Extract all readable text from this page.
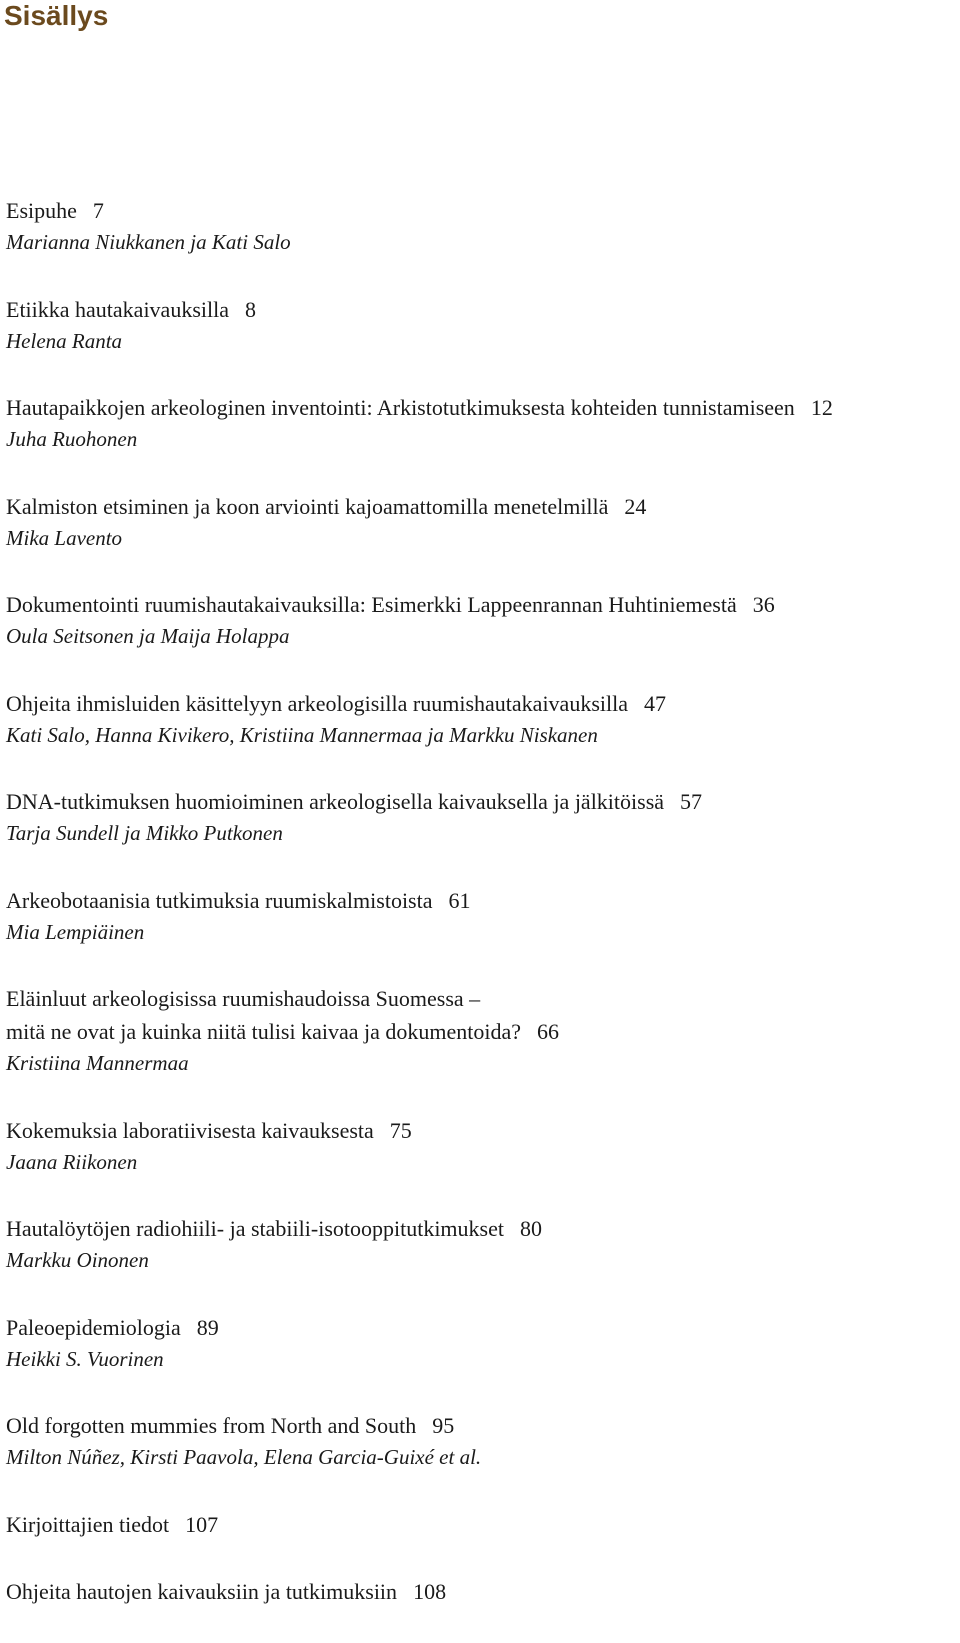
Sisällys
Esipuhe 7
Marianna Niukkanen ja Kati Salo
Etiikka hautakaivauksilla 8
Helena Ranta
Hautapaikkojen arkeologinen inventointi: Arkistotutkimuksesta kohteiden tunnistamiseen 12
Juha Ruohonen
Kalmiston etsiminen ja koon arviointi kajoamattomilla menetelmillä 24
Mika Lavento
Dokumentointi ruumishautakaivauksilla: Esimerkki Lappeenrannan Huhtiniemestä 36
Oula Seitsonen ja Maija Holappa
Ohjeita ihmisluiden käsittelyyn arkeologisilla ruumishautakaivauksilla 47
Kati Salo, Hanna Kivikero, Kristiina Mannermaa ja Markku Niskanen
DNA-tutkimuksen huomioiminen arkeologisella kaivauksella ja jälkitöissä 57
Tarja Sundell ja Mikko Putkonen
Arkeobotaanisia tutkimuksia ruumiskalmistoista 61
Mia Lempiäinen
Eläinluut arkeologisissa ruumishaudoissa Suomessa –
mitä ne ovat ja kuinka niitä tulisi kaivaa ja dokumentoida? 66
Kristiina Mannermaa
Kokemuksia laboratiivisesta kaivauksesta 75
Jaana Riikonen
Hautalöytöjen radiohiili- ja stabiili-isotooppitutkimukset 80
Markku Oinonen
Paleoepidemiologia 89
Heikki S. Vuorinen
Old forgotten mummies from North and South 95
Milton Núñez, Kirsti Paavola, Elena Garcia-Guixé et al.
Kirjoittajien tiedot 107
Ohjeita hautojen kaivauksiin ja tutkimuksiin 108
